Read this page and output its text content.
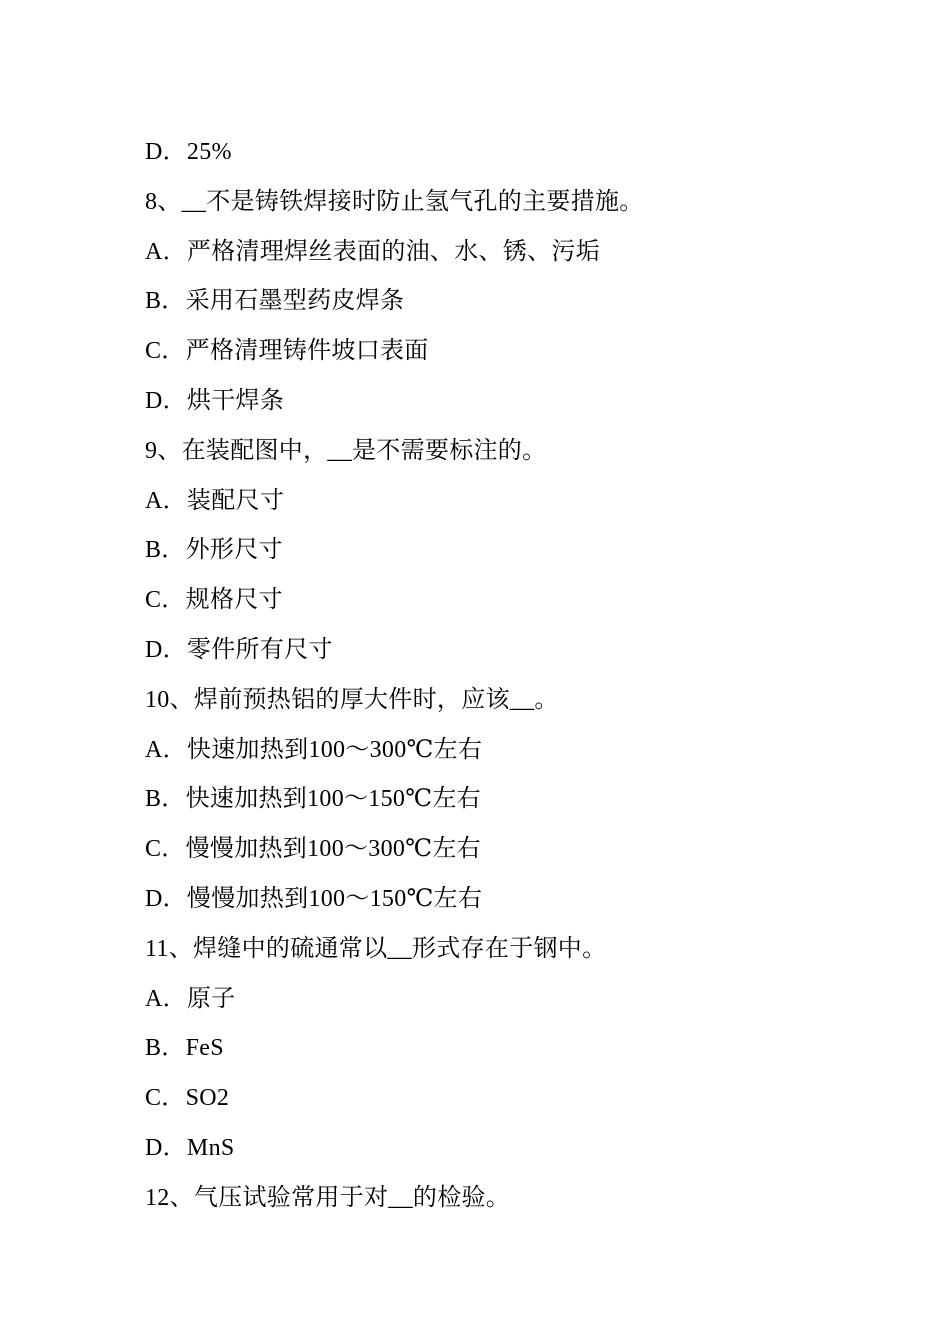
D．25%
8、__不是铸铁焊接时防止氢气孔的主要措施。
A．严格清理焊丝表面的油、水、锈、污垢
B．采用石墨型药皮焊条
C．严格清理铸件坡口表面
D．烘干焊条
9、在装配图中，__是不需要标注的。
A．装配尺寸
B．外形尺寸
C．规格尺寸
D．零件所有尺寸
10、焊前预热铝的厚大件时，应该__。
A．快速加热到100～300℃左右
B．快速加热到100～150℃左右
C．慢慢加热到100～300℃左右
D．慢慢加热到100～150℃左右
11、焊缝中的硫通常以__形式存在于钢中。
A．原子
B．FeS
C．SO2
D．MnS
12、气压试验常用于对__的检验。
